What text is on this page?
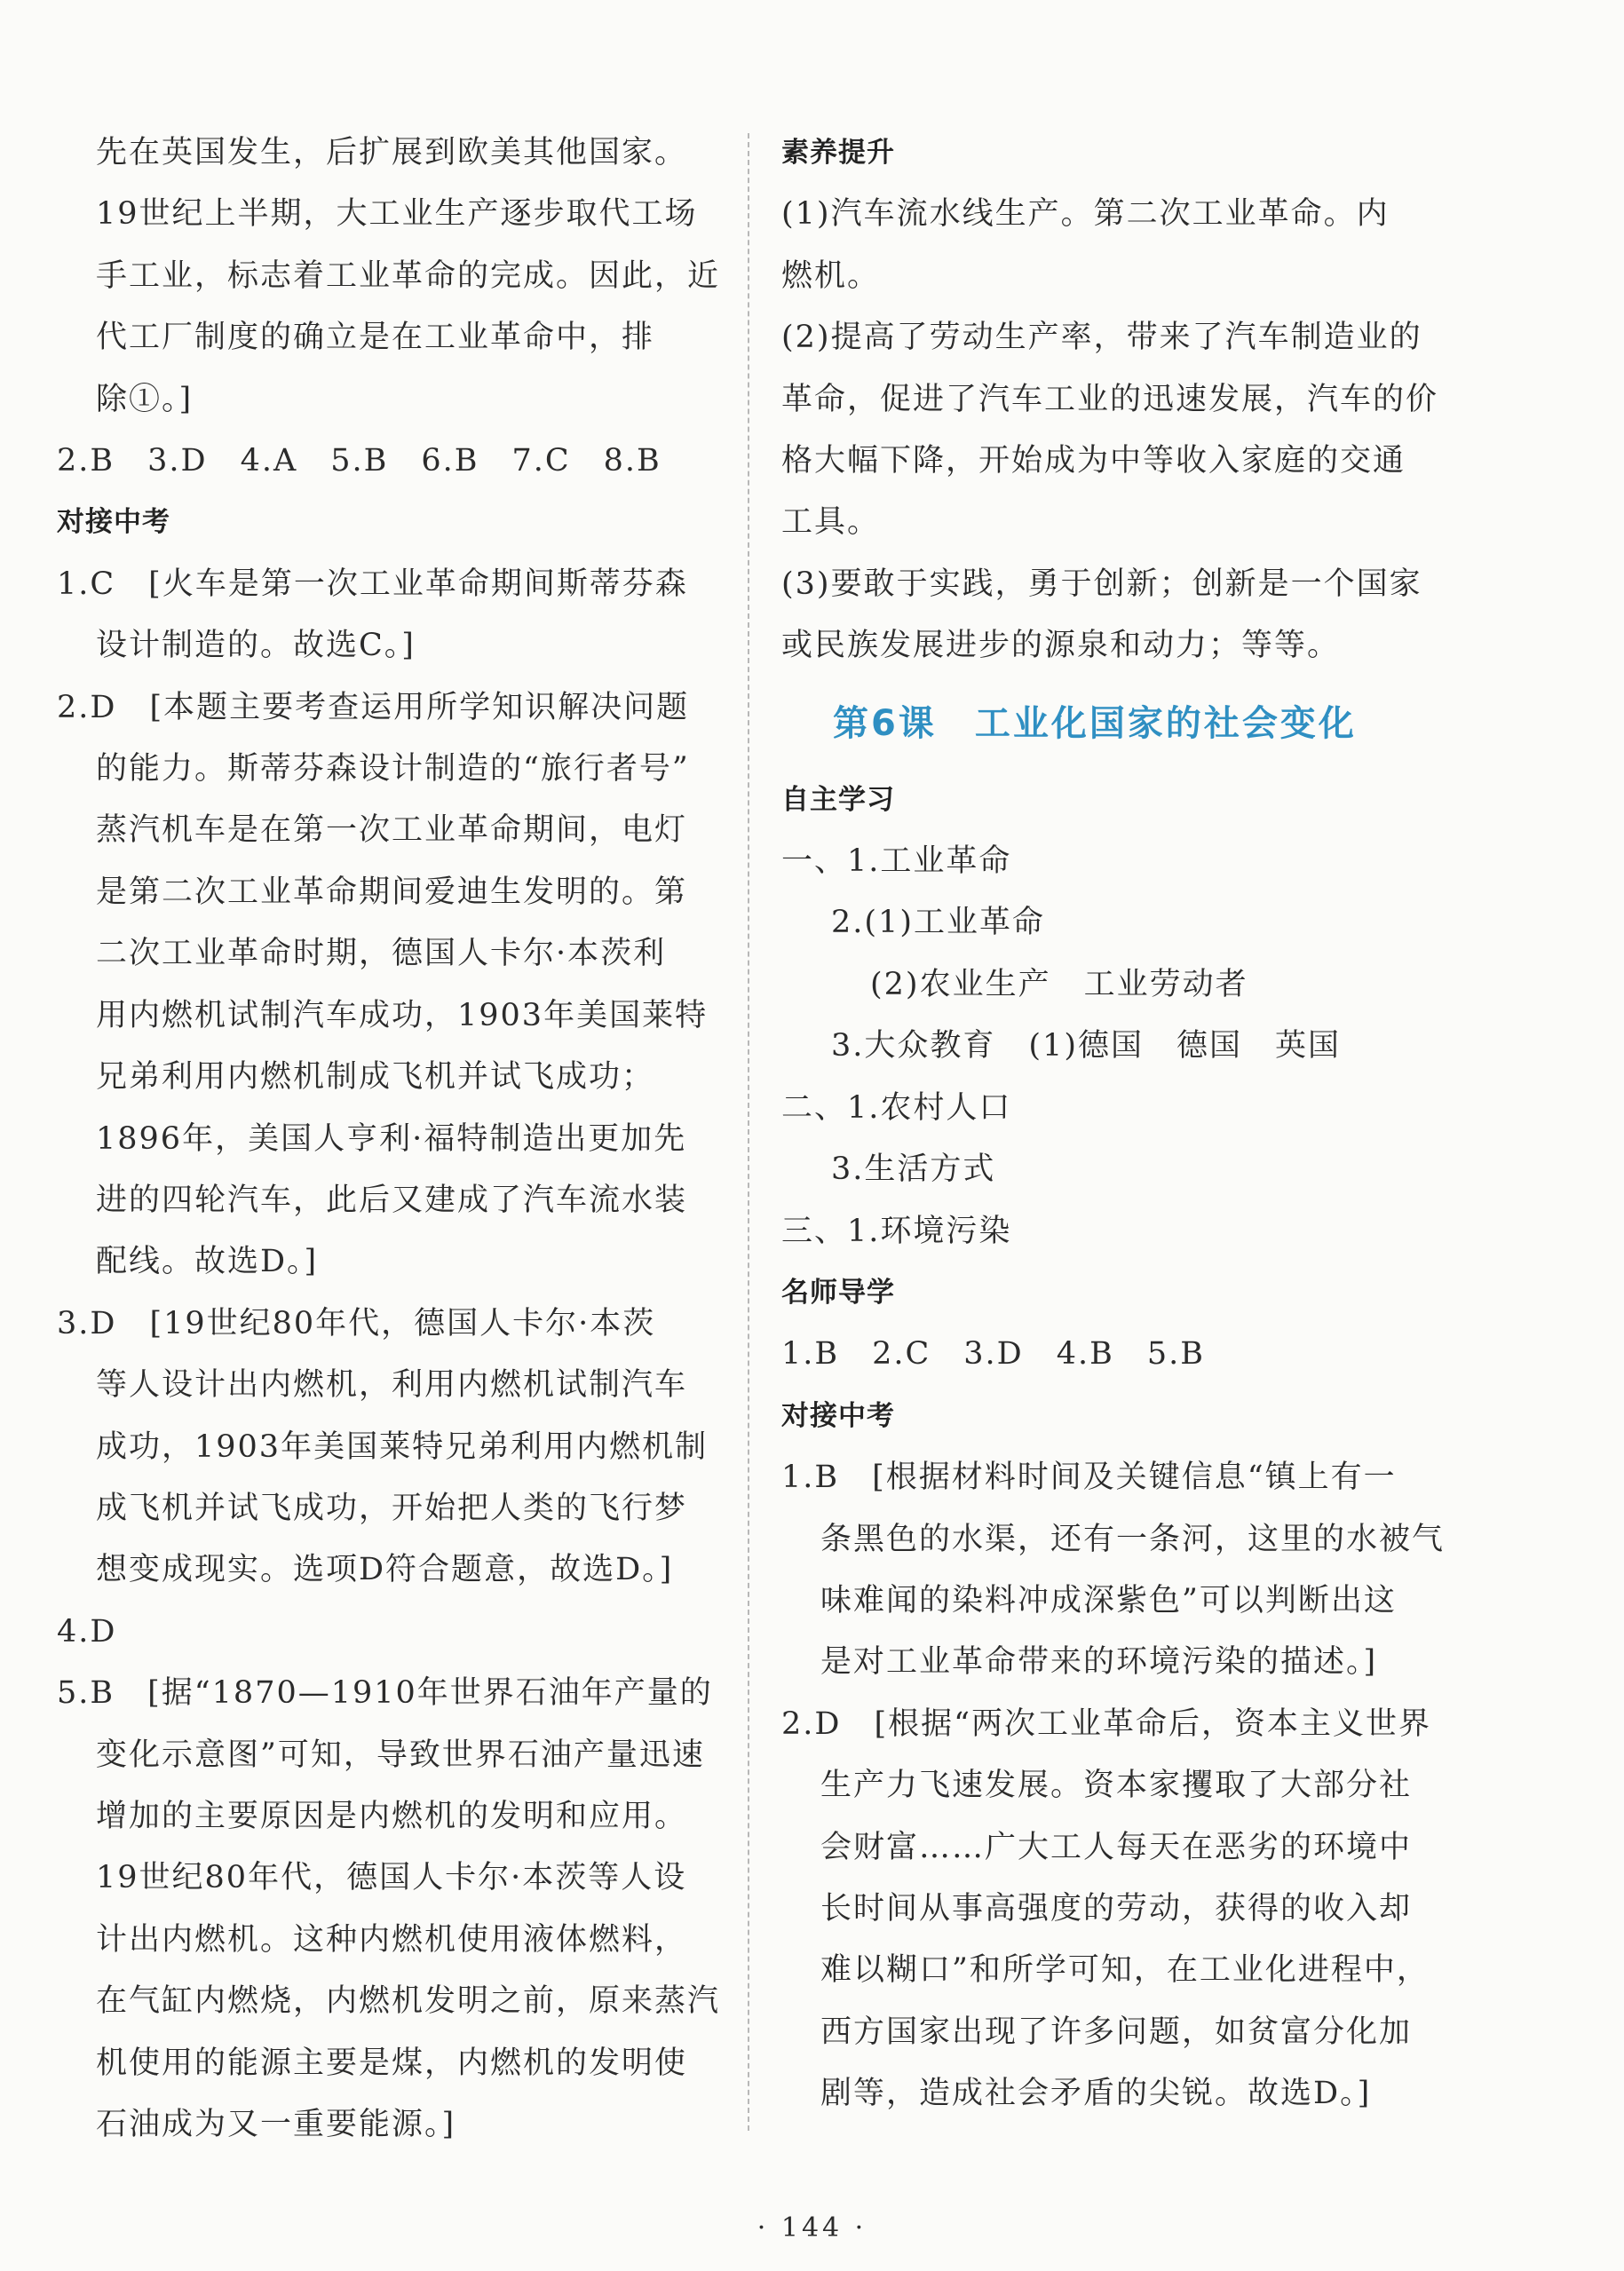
先在英国发生，后扩展到欧美其他国家。
19世纪上半期，大工业生产逐步取代工场
手工业，标志着工业革命的完成。因此，近
代工厂制度的确立是在工业革命中，排
除①。]
2.B　3.D　4.A　5.B　6.B　7.C　8.B
对接中考
1.C　[火车是第一次工业革命期间斯蒂芬森
设计制造的。故选C。]
2.D　[本题主要考查运用所学知识解决问题
的能力。斯蒂芬森设计制造的“旅行者号”
蒸汽机车是在第一次工业革命期间，电灯
是第二次工业革命期间爱迪生发明的。第
二次工业革命时期，德国人卡尔·本茨利
用内燃机试制汽车成功，1903年美国莱特
兄弟利用内燃机制成飞机并试飞成功；
1896年，美国人亨利·福特制造出更加先
进的四轮汽车，此后又建成了汽车流水装
配线。故选D。]
3.D　[19世纪80年代，德国人卡尔·本茨
等人设计出内燃机，利用内燃机试制汽车
成功，1903年美国莱特兄弟利用内燃机制
成飞机并试飞成功，开始把人类的飞行梦
想变成现实。选项D符合题意，故选D。]
4.D
5.B　[据“1870—1910年世界石油年产量的
变化示意图”可知，导致世界石油产量迅速
增加的主要原因是内燃机的发明和应用。
19世纪80年代，德国人卡尔·本茨等人设
计出内燃机。这种内燃机使用液体燃料，
在气缸内燃烧，内燃机发明之前，原来蒸汽
机使用的能源主要是煤，内燃机的发明使
石油成为又一重要能源。]
素养提升
(1)汽车流水线生产。第二次工业革命。内
燃机。
(2)提高了劳动生产率，带来了汽车制造业的
革命，促进了汽车工业的迅速发展，汽车的价
格大幅下降，开始成为中等收入家庭的交通
工具。
(3)要敢于实践，勇于创新；创新是一个国家
或民族发展进步的源泉和动力；等等。
第6课　工业化国家的社会变化
自主学习
一、1.工业革命
2.(1)工业革命
(2)农业生产　工业劳动者
3.大众教育　(1)德国　德国　英国
二、1.农村人口
3.生活方式
三、1.环境污染
名师导学
1.B　2.C　3.D　4.B　5.B
对接中考
1.B　[根据材料时间及关键信息“镇上有一
条黑色的水渠，还有一条河，这里的水被气
味难闻的染料冲成深紫色”可以判断出这
是对工业革命带来的环境污染的描述。]
2.D　[根据“两次工业革命后，资本主义世界
生产力飞速发展。资本家攫取了大部分社
会财富……广大工人每天在恶劣的环境中
长时间从事高强度的劳动，获得的收入却
难以糊口”和所学可知，在工业化进程中，
西方国家出现了许多问题，如贫富分化加
剧等，造成社会矛盾的尖锐。故选D。]
· 144 ·
